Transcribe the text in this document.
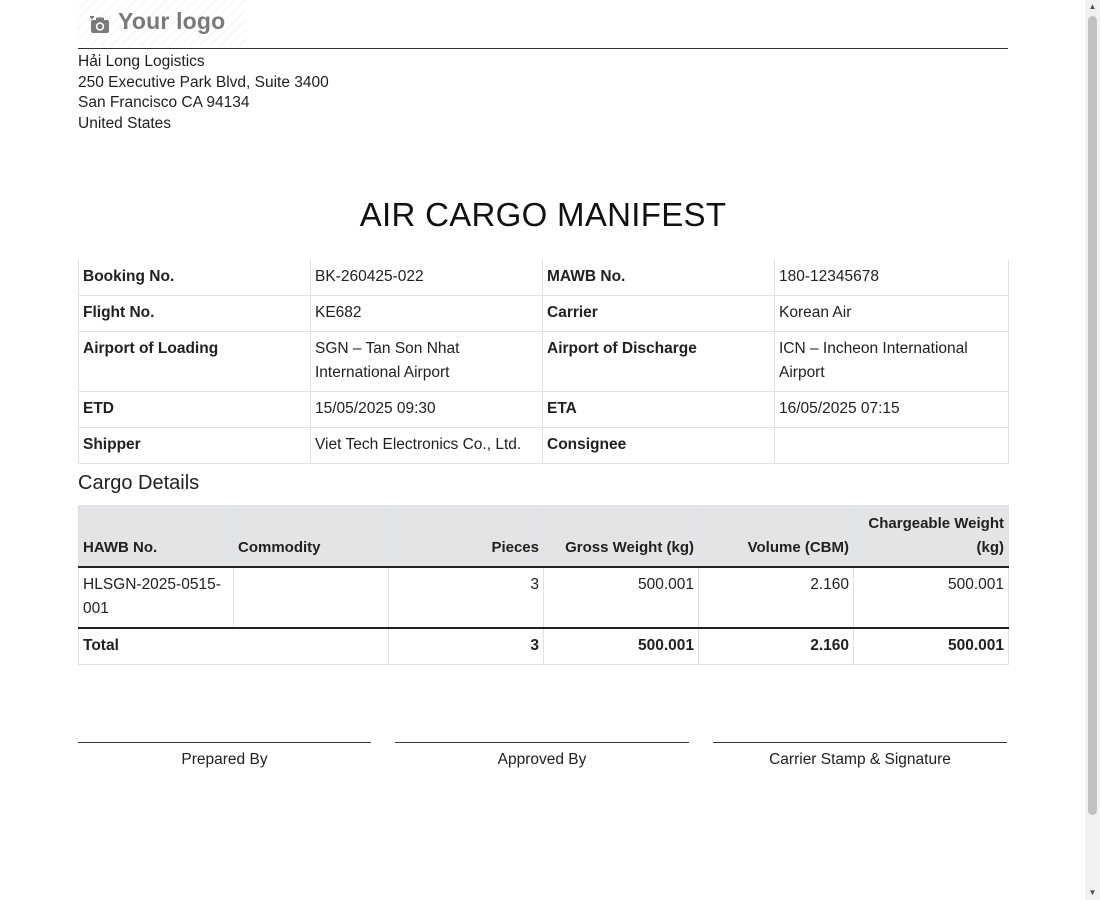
Your logo
Hải Long Logistics
250 Executive Park Blvd, Suite 3400
San Francisco CA 94134
United States
AIR CARGO MANIFEST
Booking No.	BK-260425-022	MAWB No.	180-12345678
Flight No.	KE682	Carrier	Korean Air
Airport of Loading	SGN – Tan Son Nhat International Airport	Airport of Discharge	ICN – Incheon International Airport
ETD	15/05/2025 09:30	ETA	16/05/2025 07:15
Shipper	Viet Tech Electronics Co., Ltd.	Consignee	
Cargo Details
HAWB No.	Commodity	Pieces	Gross Weight (kg)	Volume (CBM)	Chargeable Weight (kg)
HLSGN-2025-0515-001		3	500.001	2.160	500.001
Total		3	500.001	2.160	500.001
Prepared By	Approved By	Carrier Stamp & Signature
▲
▼
